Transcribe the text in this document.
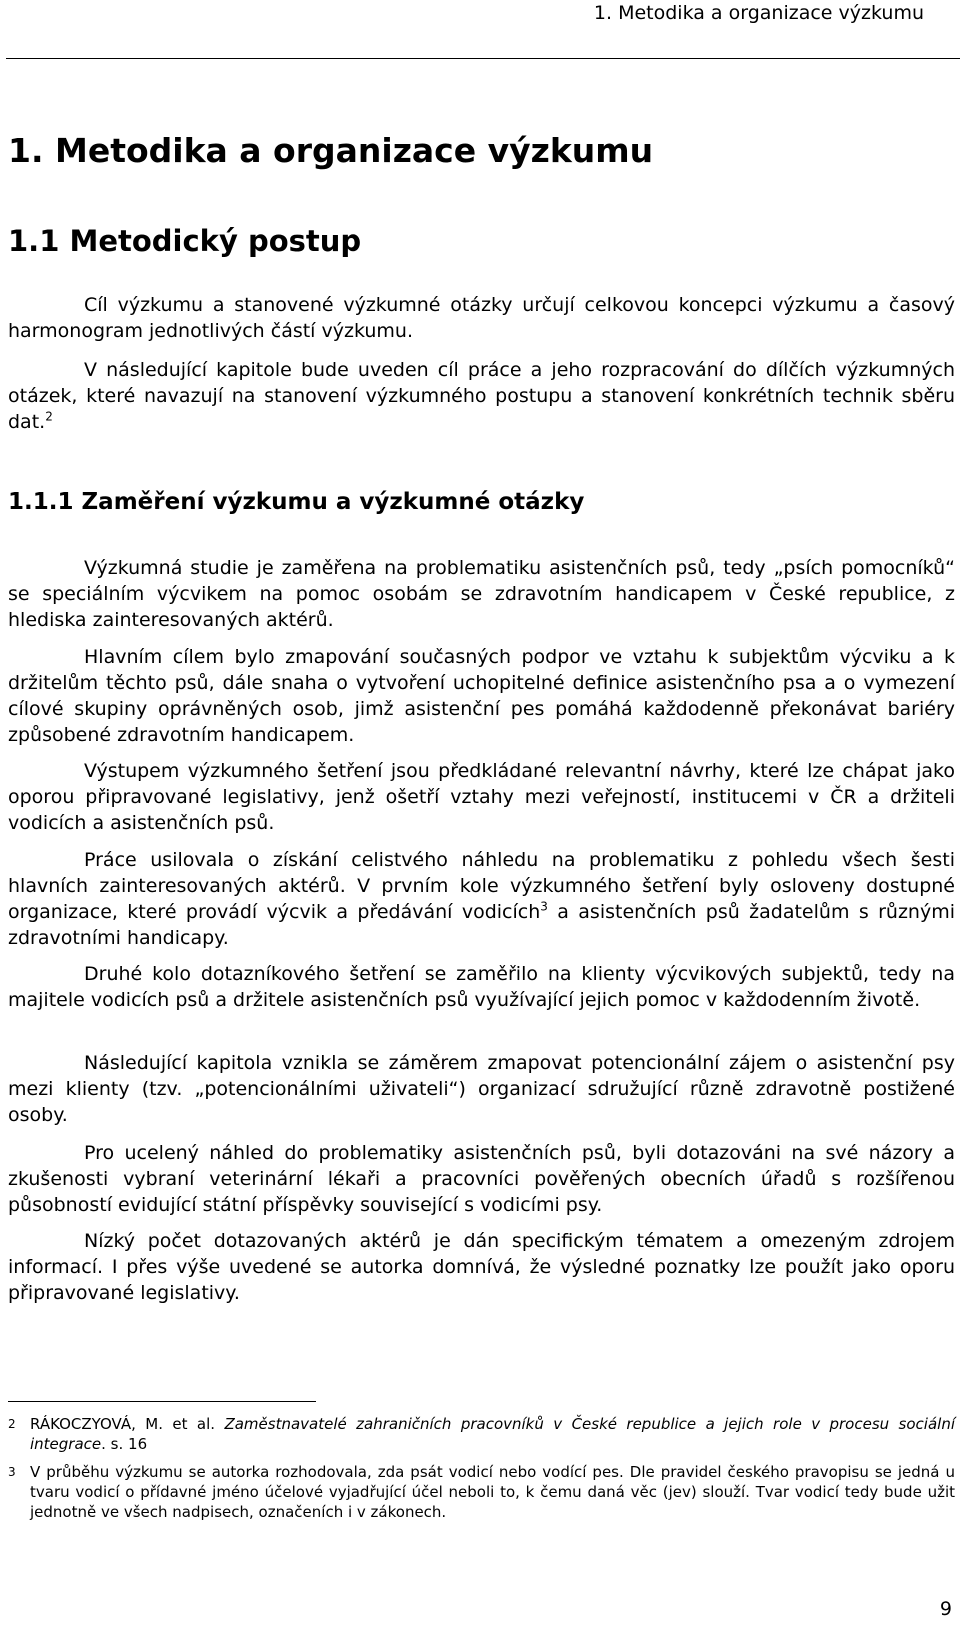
1. Metodika a organizace výzkumu
1. Metodika a organizace výzkumu
1.1 Metodický postup

Cíl výzkumu a stanovené výzkumné otázky určují celkovou koncepci výzkumu a časový harmonogram jednotlivých částí výzkumu.

V následující kapitole bude uveden cíl práce a jeho rozpracování do dílčích výzkumných otázek, které navazují na stanovení výzkumného postupu a stanovení konkrétních technik sběru dat.$^2$

1.1.1 Zaměření výzkumu a výzkumné otázky

Výzkumná studie je zaměřena na problematiku asistenčních psů, tedy „psích pomocníků“ se speciálním výcvikem na pomoc osobám se zdravotním handicapem v České republice, z hlediska zainteresovaných aktérů.

Hlavním cílem bylo zmapování současných podpor ve vztahu k subjektům výcviku a k držitelům těchto psů, dále snaha o vytvoření uchopitelné definice asistenčního psa a o vymezení cílové skupiny oprávněných osob, jimž asistenční pes pomáhá každodenně překonávat bariéry způsobené zdravotním handicapem.

Výstupem výzkumného šetření jsou předkládané relevantní návrhy, které lze chápat jako oporou připravované legislativy, jenž ošetří vztahy mezi veřejností, institucemi v ČR a držiteli vodicích a asistenčních psů.

Práce usilovala o získání celistvého náhledu na problematiku z pohledu všech šesti hlavních zainteresovaných aktérů. V prvním kole výzkumného šetření byly osloveny dostupné organizace, které provádí výcvik a předávání vodicích$^3$ a asistenčních psů žadatelům s různými zdravotními handicapy.

Druhé kolo dotazníkového šetření se zaměřilo na klienty výcvikových subjektů, tedy na majitele vodicích psů a držitele asistenčních psů využívající jejich pomoc v každodenním životě.

Následující kapitola vznikla se záměrem zmapovat potencionální zájem o asistenční psy mezi klienty (tzv. „potencionálními uživateli“) organizací sdružující různě zdravotně postižené osoby.

Pro ucelený náhled do problematiky asistenčních psů, byli dotazováni na své názory a zkušenosti vybraní veterinární lékaři a pracovníci pověřených obecních úřadů s rozšířenou působností evidující státní příspěvky související s vodicími psy.

Nízký počet dotazovaných aktérů je dán specifickým tématem a omezeným zdrojem informací. I přes výše uvedené se autorka domnívá, že výsledné poznatky lze použít jako oporu připravované legislativy.

2 RÁKOCZYOVÁ, M. et al. Zaměstnavatelé zahraničních pracovníků v České republice a jejich role v procesu sociální integrace. s. 16
3 V průběhu výzkumu se autorka rozhodovala, zda psát vodicí nebo vodící pes. Dle pravidel českého pravopisu se jedná u tvaru vodicí o přídavné jméno účelové vyjadřující účel neboli to, k čemu daná věc (jev) slouží. Tvar vodicí tedy bude užit jednotně ve všech nadpisech, označeních i v zákonech.
9
